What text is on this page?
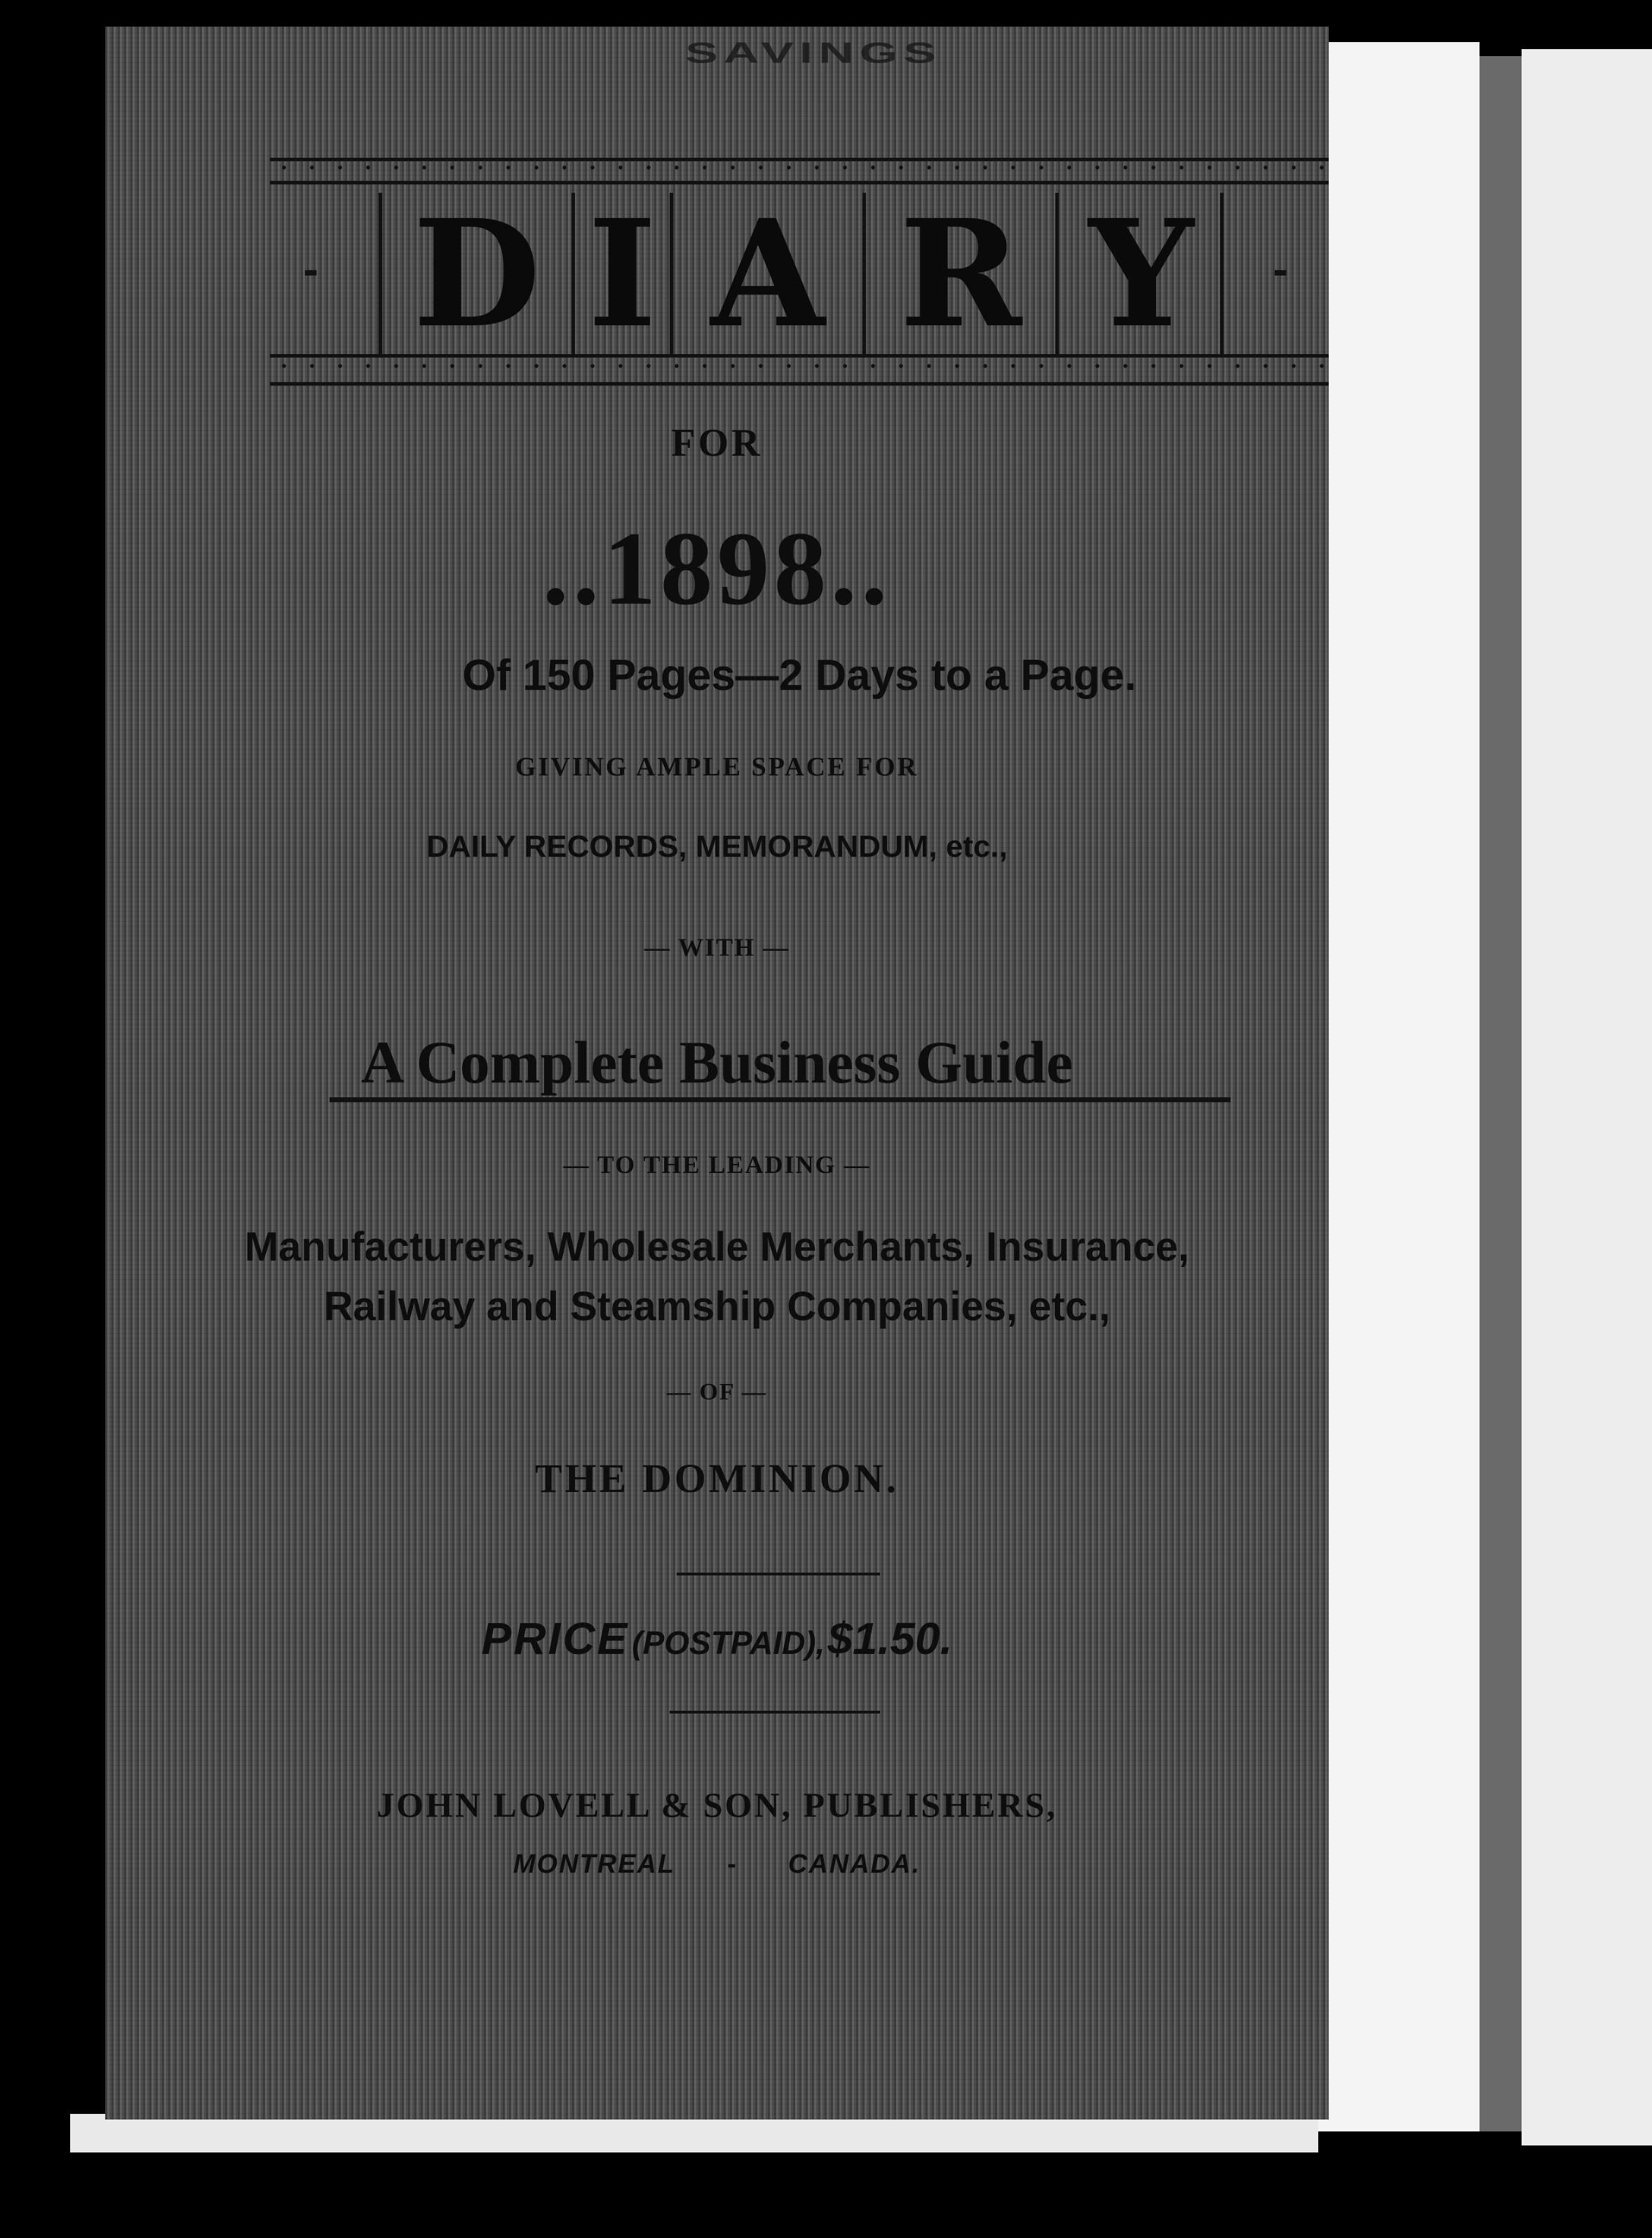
SAVINGS
-	-
D I A R Y
FOR
..1898..
Of 150 Pages—2 Days to a Page.
GIVING AMPLE SPACE FOR
DAILY RECORDS, MEMORANDUM, etc.,
— WITH —
A Complete Business Guide
— TO THE LEADING —
Manufacturers, Wholesale Merchants, Insurance,
Railway and Steamship Companies, etc.,
— OF —
THE DOMINION.
PRICE (POSTPAID), $1.50.
JOHN LOVELL & SON, PUBLISHERS,
MONTREAL - CANADA.
